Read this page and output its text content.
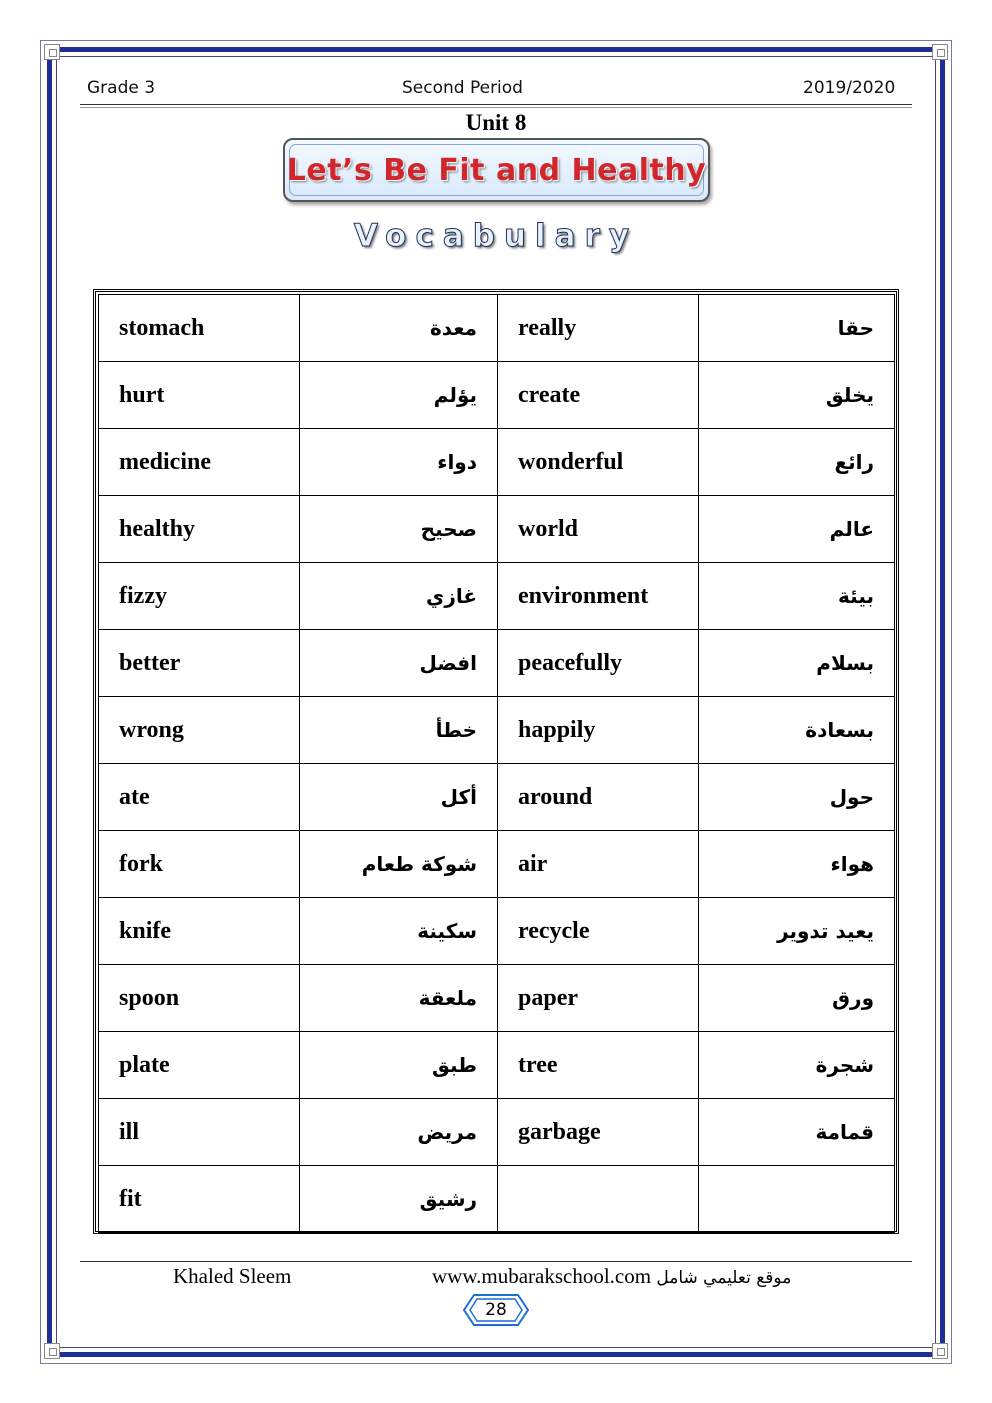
Grade 3	Second Period	2019/2020
Unit 8
Let’s Be Fit and Healthy
Vocabulary
stomach	معدة	really	حقا
hurt	يؤلم	create	يخلق
medicine	دواء	wonderful	رائع
healthy	صحيح	world	عالم
fizzy	غازي	environment	بيئة
better	افضل	peacefully	بسلام
wrong	خطأ	happily	بسعادة
ate	أكل	around	حول
fork	شوكة طعام	air	هواء
knife	سكينة	recycle	يعيد تدوير
spoon	ملعقة	paper	ورق
plate	طبق	tree	شجرة
ill	مريض	garbage	قمامة
fit	رشيق		
Khaled Sleem	www.mubarakschool.com موقع تعليمي شامل
28
